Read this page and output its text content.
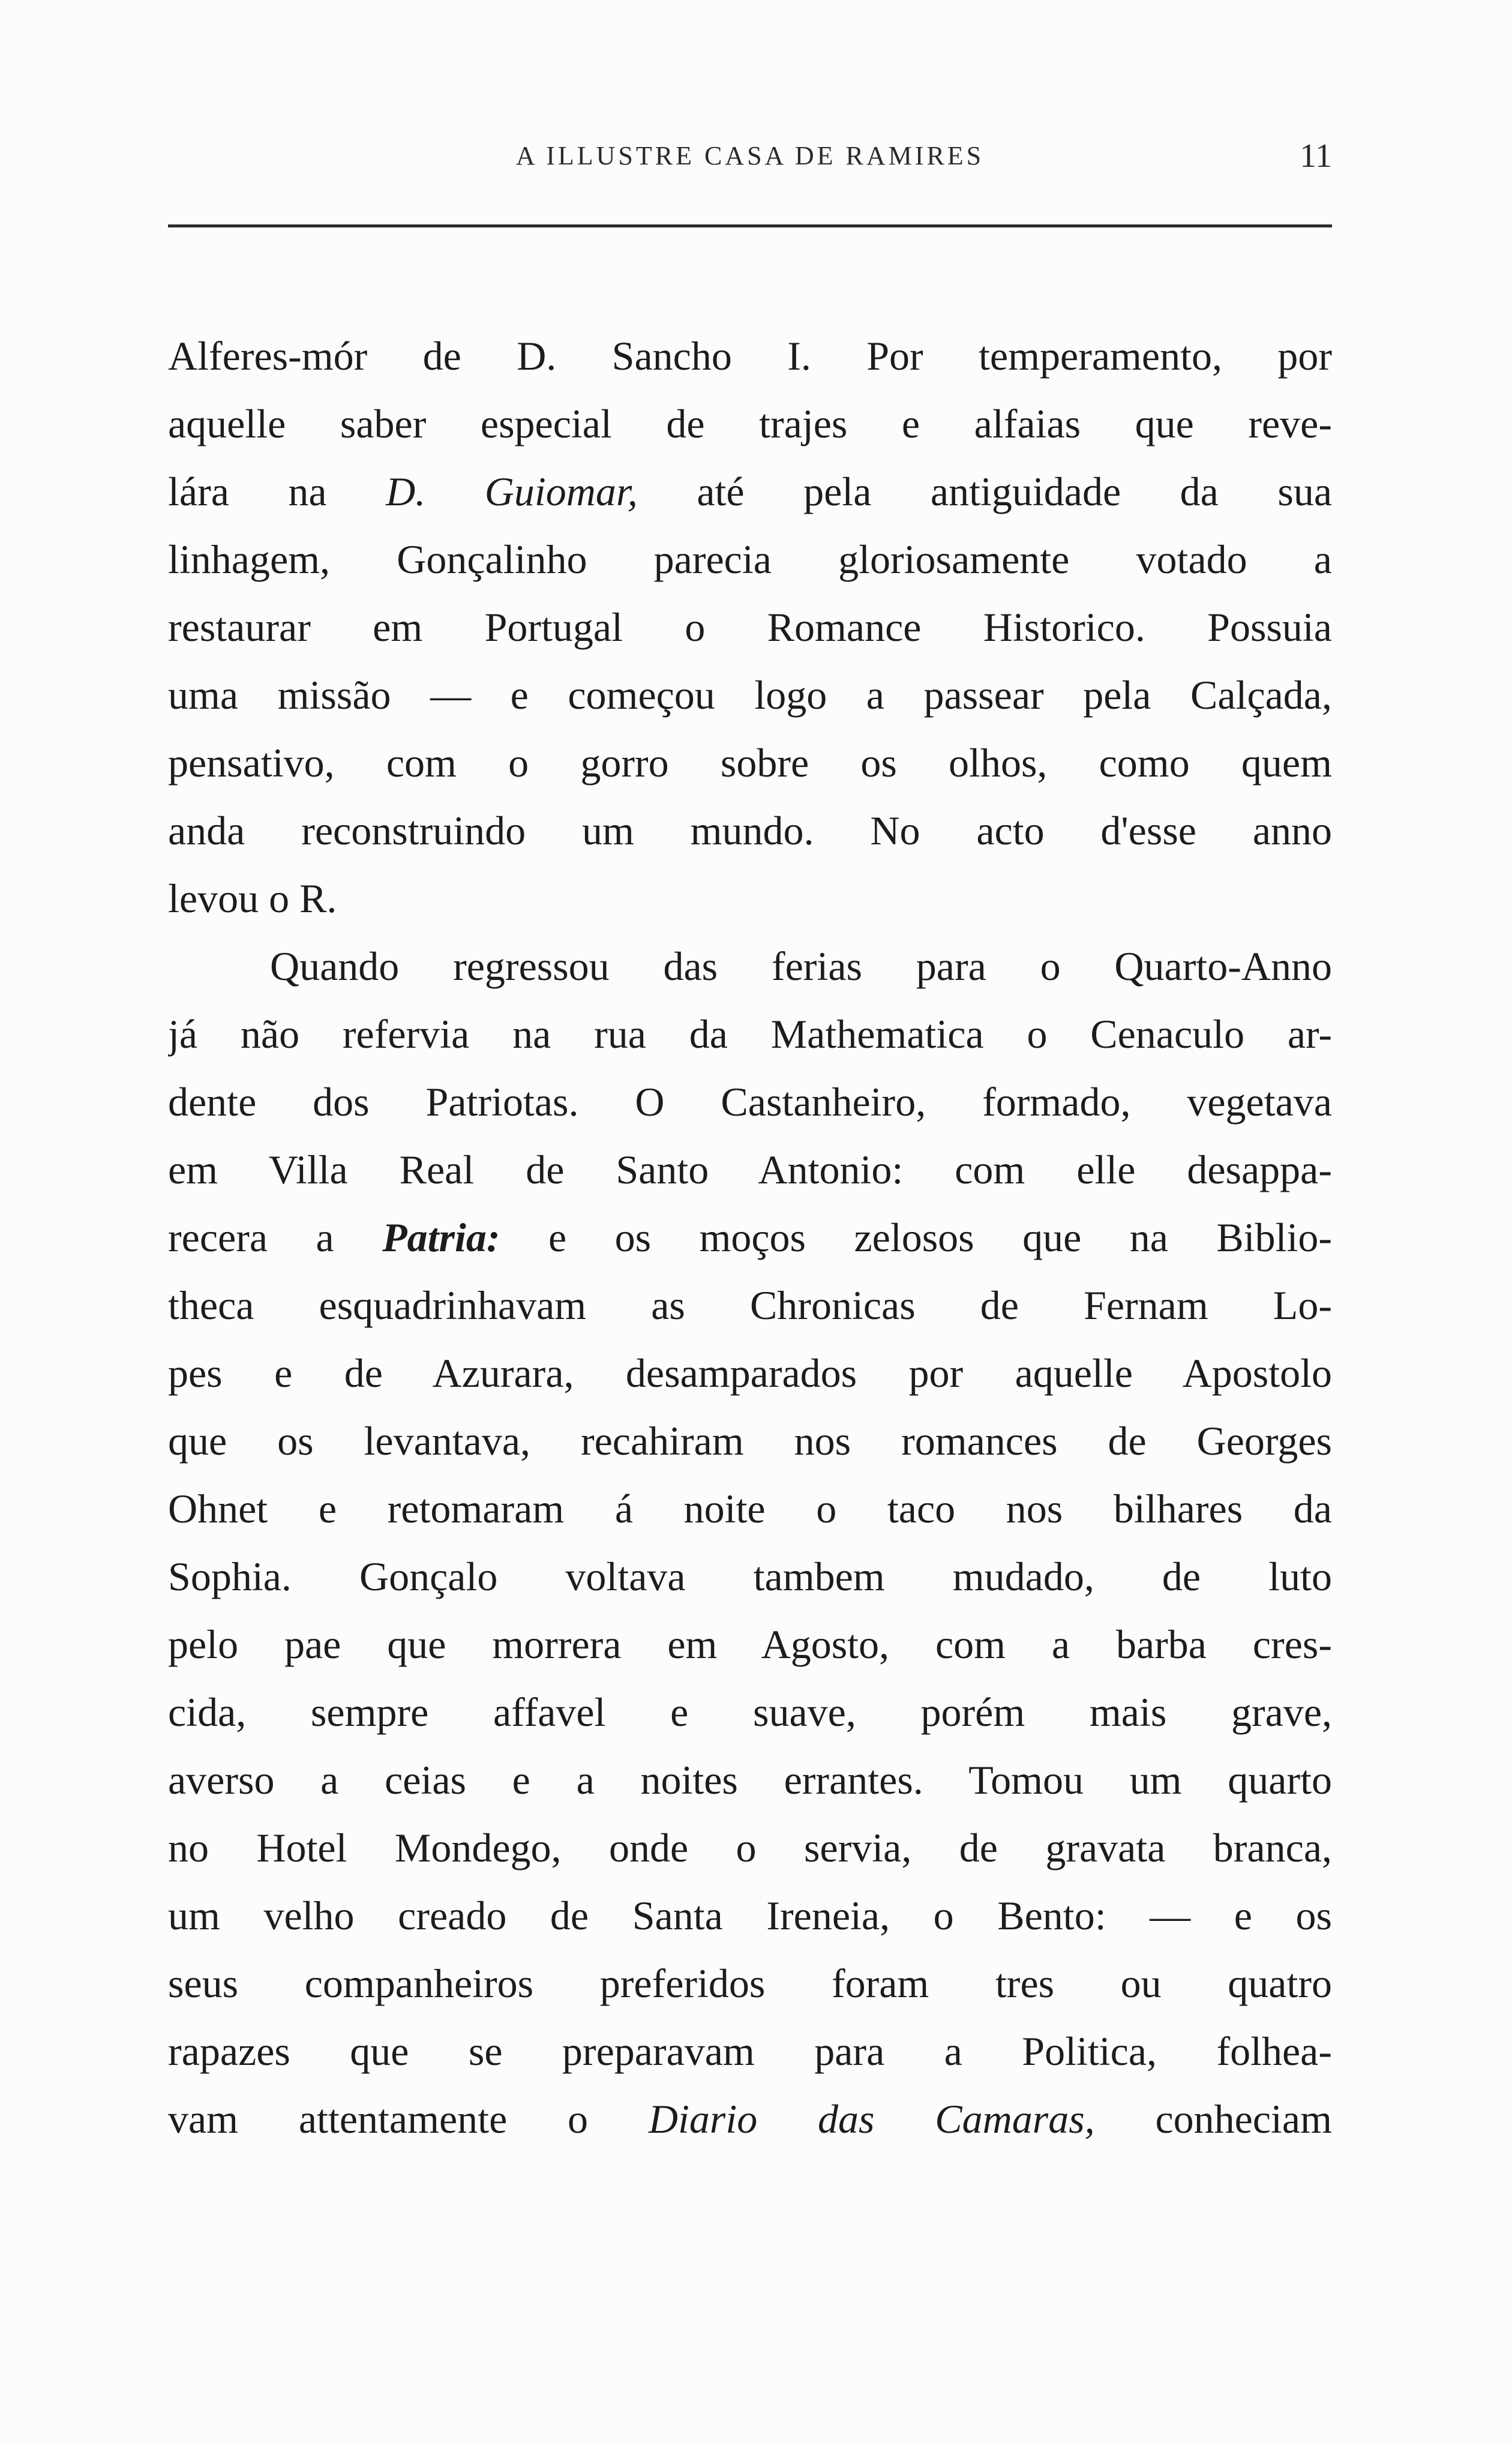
A ILLUSTRE CASA DE RAMIRES	11
Alferes-mór de D. Sancho I. Por temperamento, por
aquelle saber especial de trajes e alfaias que reve-
lára na D. Guiomar, até pela antiguidade da sua
linhagem, Gonçalinho parecia gloriosamente votado a
restaurar em Portugal o Romance Historico. Possuia
uma missão — e começou logo a passear pela Calçada,
pensativo, com o gorro sobre os olhos, como quem
anda reconstruindo um mundo. No acto d'esse anno
levou o R.
Quando regressou das ferias para o Quarto-Anno
já não refervia na rua da Mathematica o Cenaculo ar-
dente dos Patriotas. O Castanheiro, formado, vegetava
em Villa Real de Santo Antonio: com elle desappa-
recera a Patria: e os moços zelosos que na Biblio-
theca esquadrinhavam as Chronicas de Fernam Lo-
pes e de Azurara, desamparados por aquelle Apostolo
que os levantava, recahiram nos romances de Georges
Ohnet e retomaram á noite o taco nos bilhares da
Sophia. Gonçalo voltava tambem mudado, de luto
pelo pae que morrera em Agosto, com a barba cres-
cida, sempre affavel e suave, porém mais grave,
averso a ceias e a noites errantes. Tomou um quarto
no Hotel Mondego, onde o servia, de gravata branca,
um velho creado de Santa Ireneia, o Bento: — e os
seus companheiros preferidos foram tres ou quatro
rapazes que se preparavam para a Politica, folhea-
vam attentamente o Diario das Camaras, conheciam
